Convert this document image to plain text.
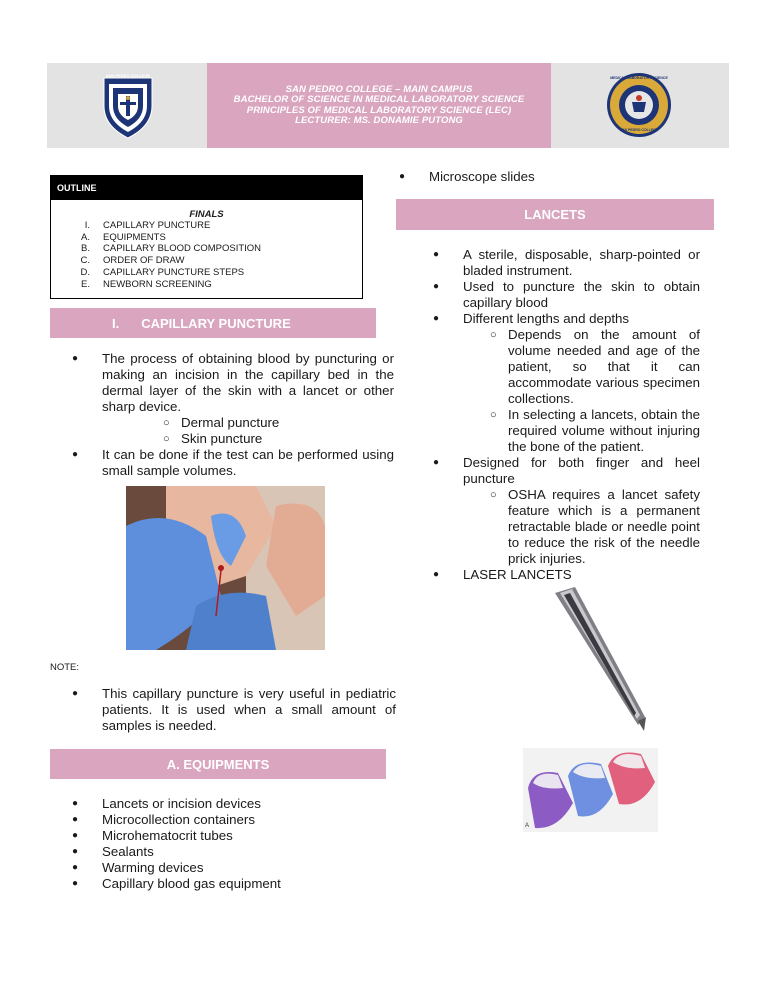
SAN PEDRO COLLEGE
SAN PEDRO COLLEGE – MAIN CAMPUS
BACHELOR OF SCIENCE IN MEDICAL LABORATORY SCIENCE
PRINCIPLES OF MEDICAL LABORATORY SCIENCE (LEC)
LECTURER: MS. DONAMIE PUTONG
MEDICAL LABORATORY SCIENCE
SAN PEDRO COLLEGE
OUTLINE
FINALS
I.	CAPILLARY PUNCTURE
A.	EQUIPMENTS
B.	CAPILLARY BLOOD COMPOSITION
C.	ORDER OF DRAW
D.	CAPILLARY PUNCTURE STEPS
E.	NEWBORN SCREENING
I. CAPILLARY PUNCTURE
● The process of obtaining blood by puncturing or making an incision in the capillary bed in the dermal layer of the skin with a lancet or other sharp device.
○ Dermal puncture
○ Skin puncture
● It can be done if the test can be performed using small sample volumes.
NOTE:
● This capillary puncture is very useful in pediatric patients. It is used when a small amount of samples is needed.
A. EQUIPMENTS
● Lancets or incision devices
● Microcollection containers
● Microhematocrit tubes
● Sealants
● Warming devices
● Capillary blood gas equipment
● Microscope slides
LANCETS
● A sterile, disposable, sharp-pointed or bladed instrument.
● Used to puncture the skin to obtain capillary blood
● Different lengths and depths
○ Depends on the amount of volume needed and age of the patient, so that it can accommodate various specimen collections.
○ In selecting a lancets, obtain the required volume without injuring the bone of the patient.
● Designed for both finger and heel puncture
○ OSHA requires a lancet safety feature which is a permanent retractable blade or needle point to reduce the risk of the needle prick injuries.
● LASER LANCETS
A
